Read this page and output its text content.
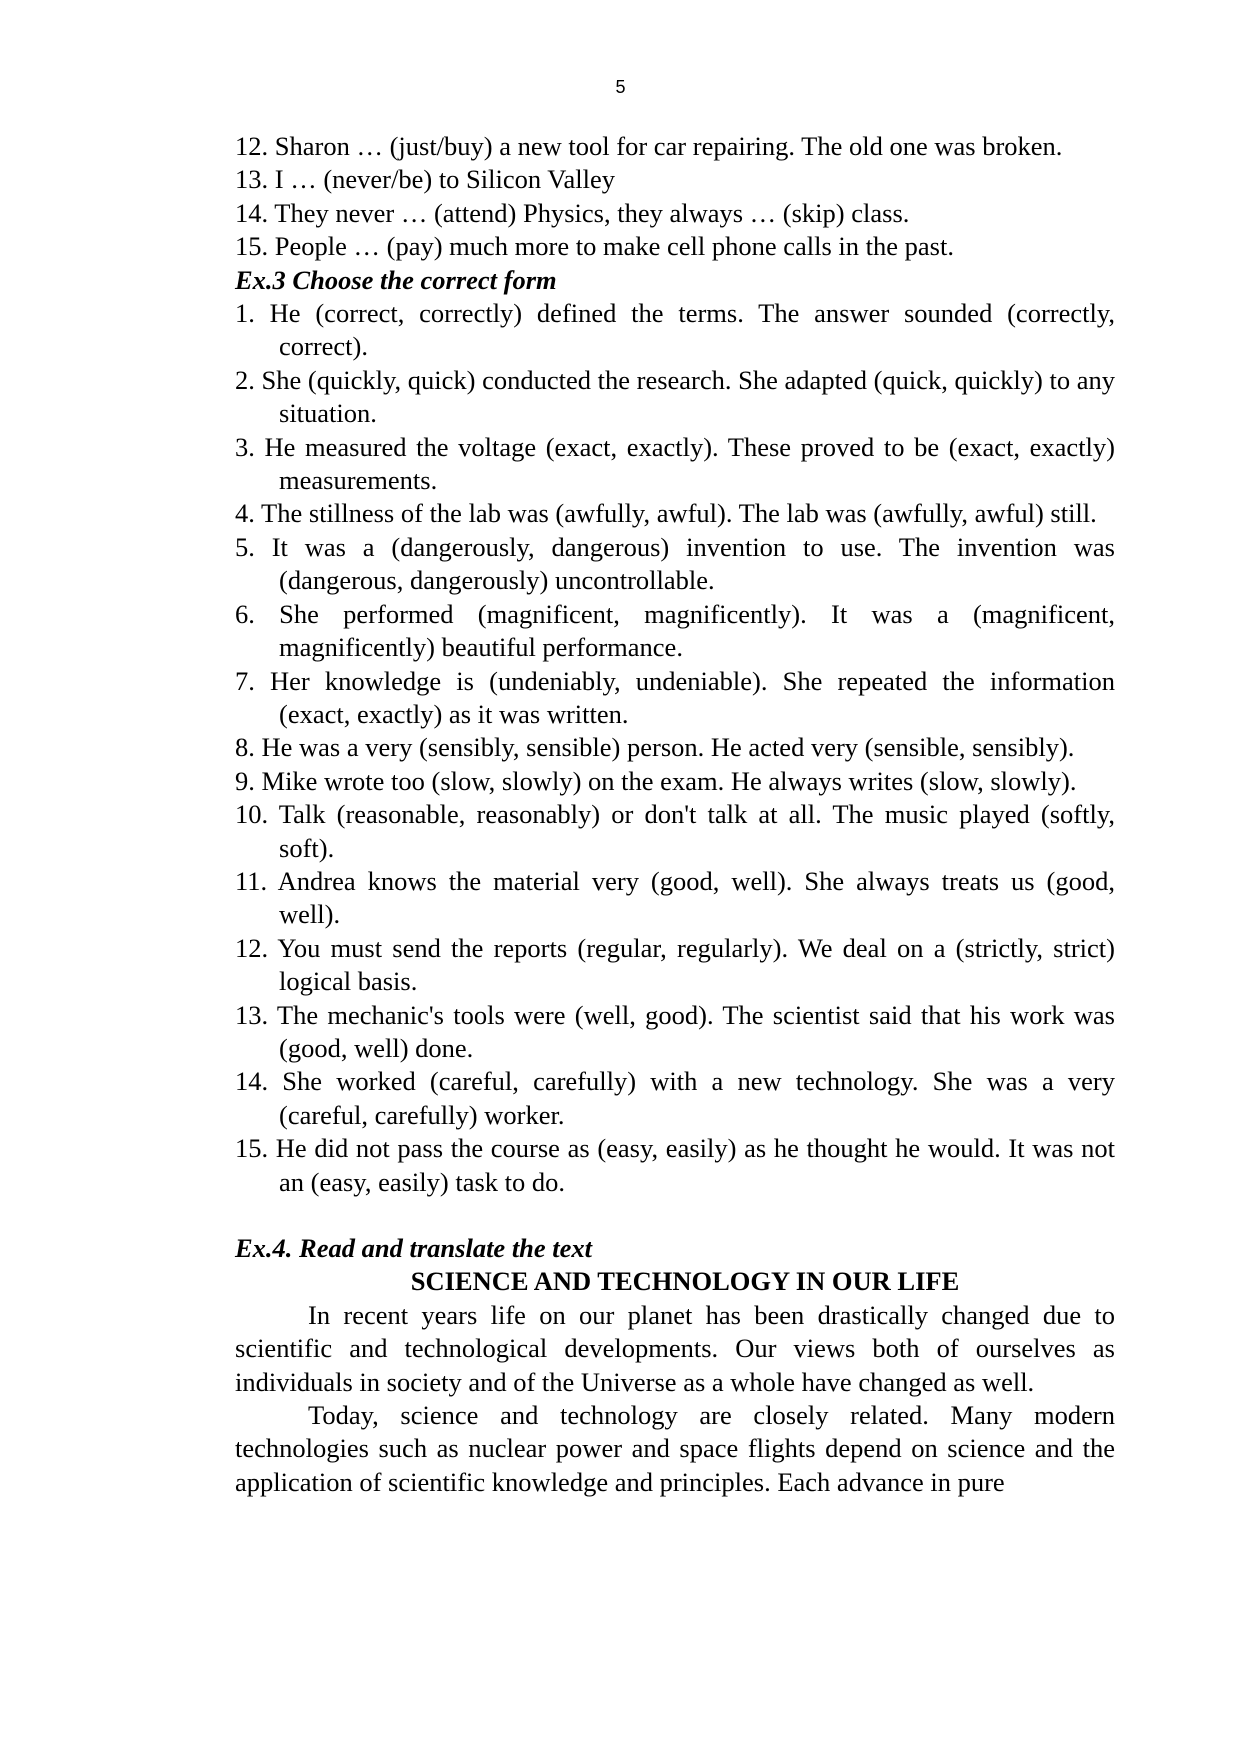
5

12. Sharon … (just/buy) a new tool for car repairing. The old one was broken.

13. I … (never/be) to Silicon Valley

14. They never … (attend) Physics, they always … (skip) class.

15. People … (pay) much more to make cell phone calls in the past.

Ex.3 Choose the correct form

1. He (correct, correctly) defined the terms. The answer sounded (correctly, correct).

2. She (quickly, quick) conducted the research. She adapted (quick, quickly) to any situation.

3. He measured the voltage (exact, exactly). These proved to be (exact, exactly) measurements.

4. The stillness of the lab was (awfully, awful). The lab was (awfully, awful) still.

5. It was a (dangerously, dangerous) invention to use. The invention was (dangerous, dangerously) uncontrollable.

6. She performed (magnificent, magnificently). It was a (magnificent, magnificently) beautiful performance.

7. Her knowledge is (undeniably, undeniable). She repeated the information (exact, exactly) as it was written.

8. He was a very (sensibly, sensible) person. He acted very (sensible, sensibly).

9. Mike wrote too (slow, slowly) on the exam. He always writes (slow, slowly).

10. Talk (reasonable, reasonably) or don't talk at all. The music played (softly, soft).

11. Andrea knows the material very (good, well). She always treats us (good, well).

12. You must send the reports (regular, regularly). We deal on a (strictly, strict) logical basis.

13. The mechanic's tools were (well, good). The scientist said that his work was (good, well) done.

14. She worked (careful, carefully) with a new technology. She was a very (careful, carefully) worker.

15. He did not pass the course as (easy, easily) as he thought he would. It was not an (easy, easily) task to do.

Ex.4. Read and translate the text

SCIENCE AND TECHNOLOGY IN OUR LIFE

In recent years life on our planet has been drastically changed due to scientific and technological developments. Our views both of ourselves as individuals in society and of the Universe as a whole have changed as well.

Today, science and technology are closely related. Many modern technologies such as nuclear power and space flights depend on science and the application of scientific knowledge and principles. Each advance in pure
